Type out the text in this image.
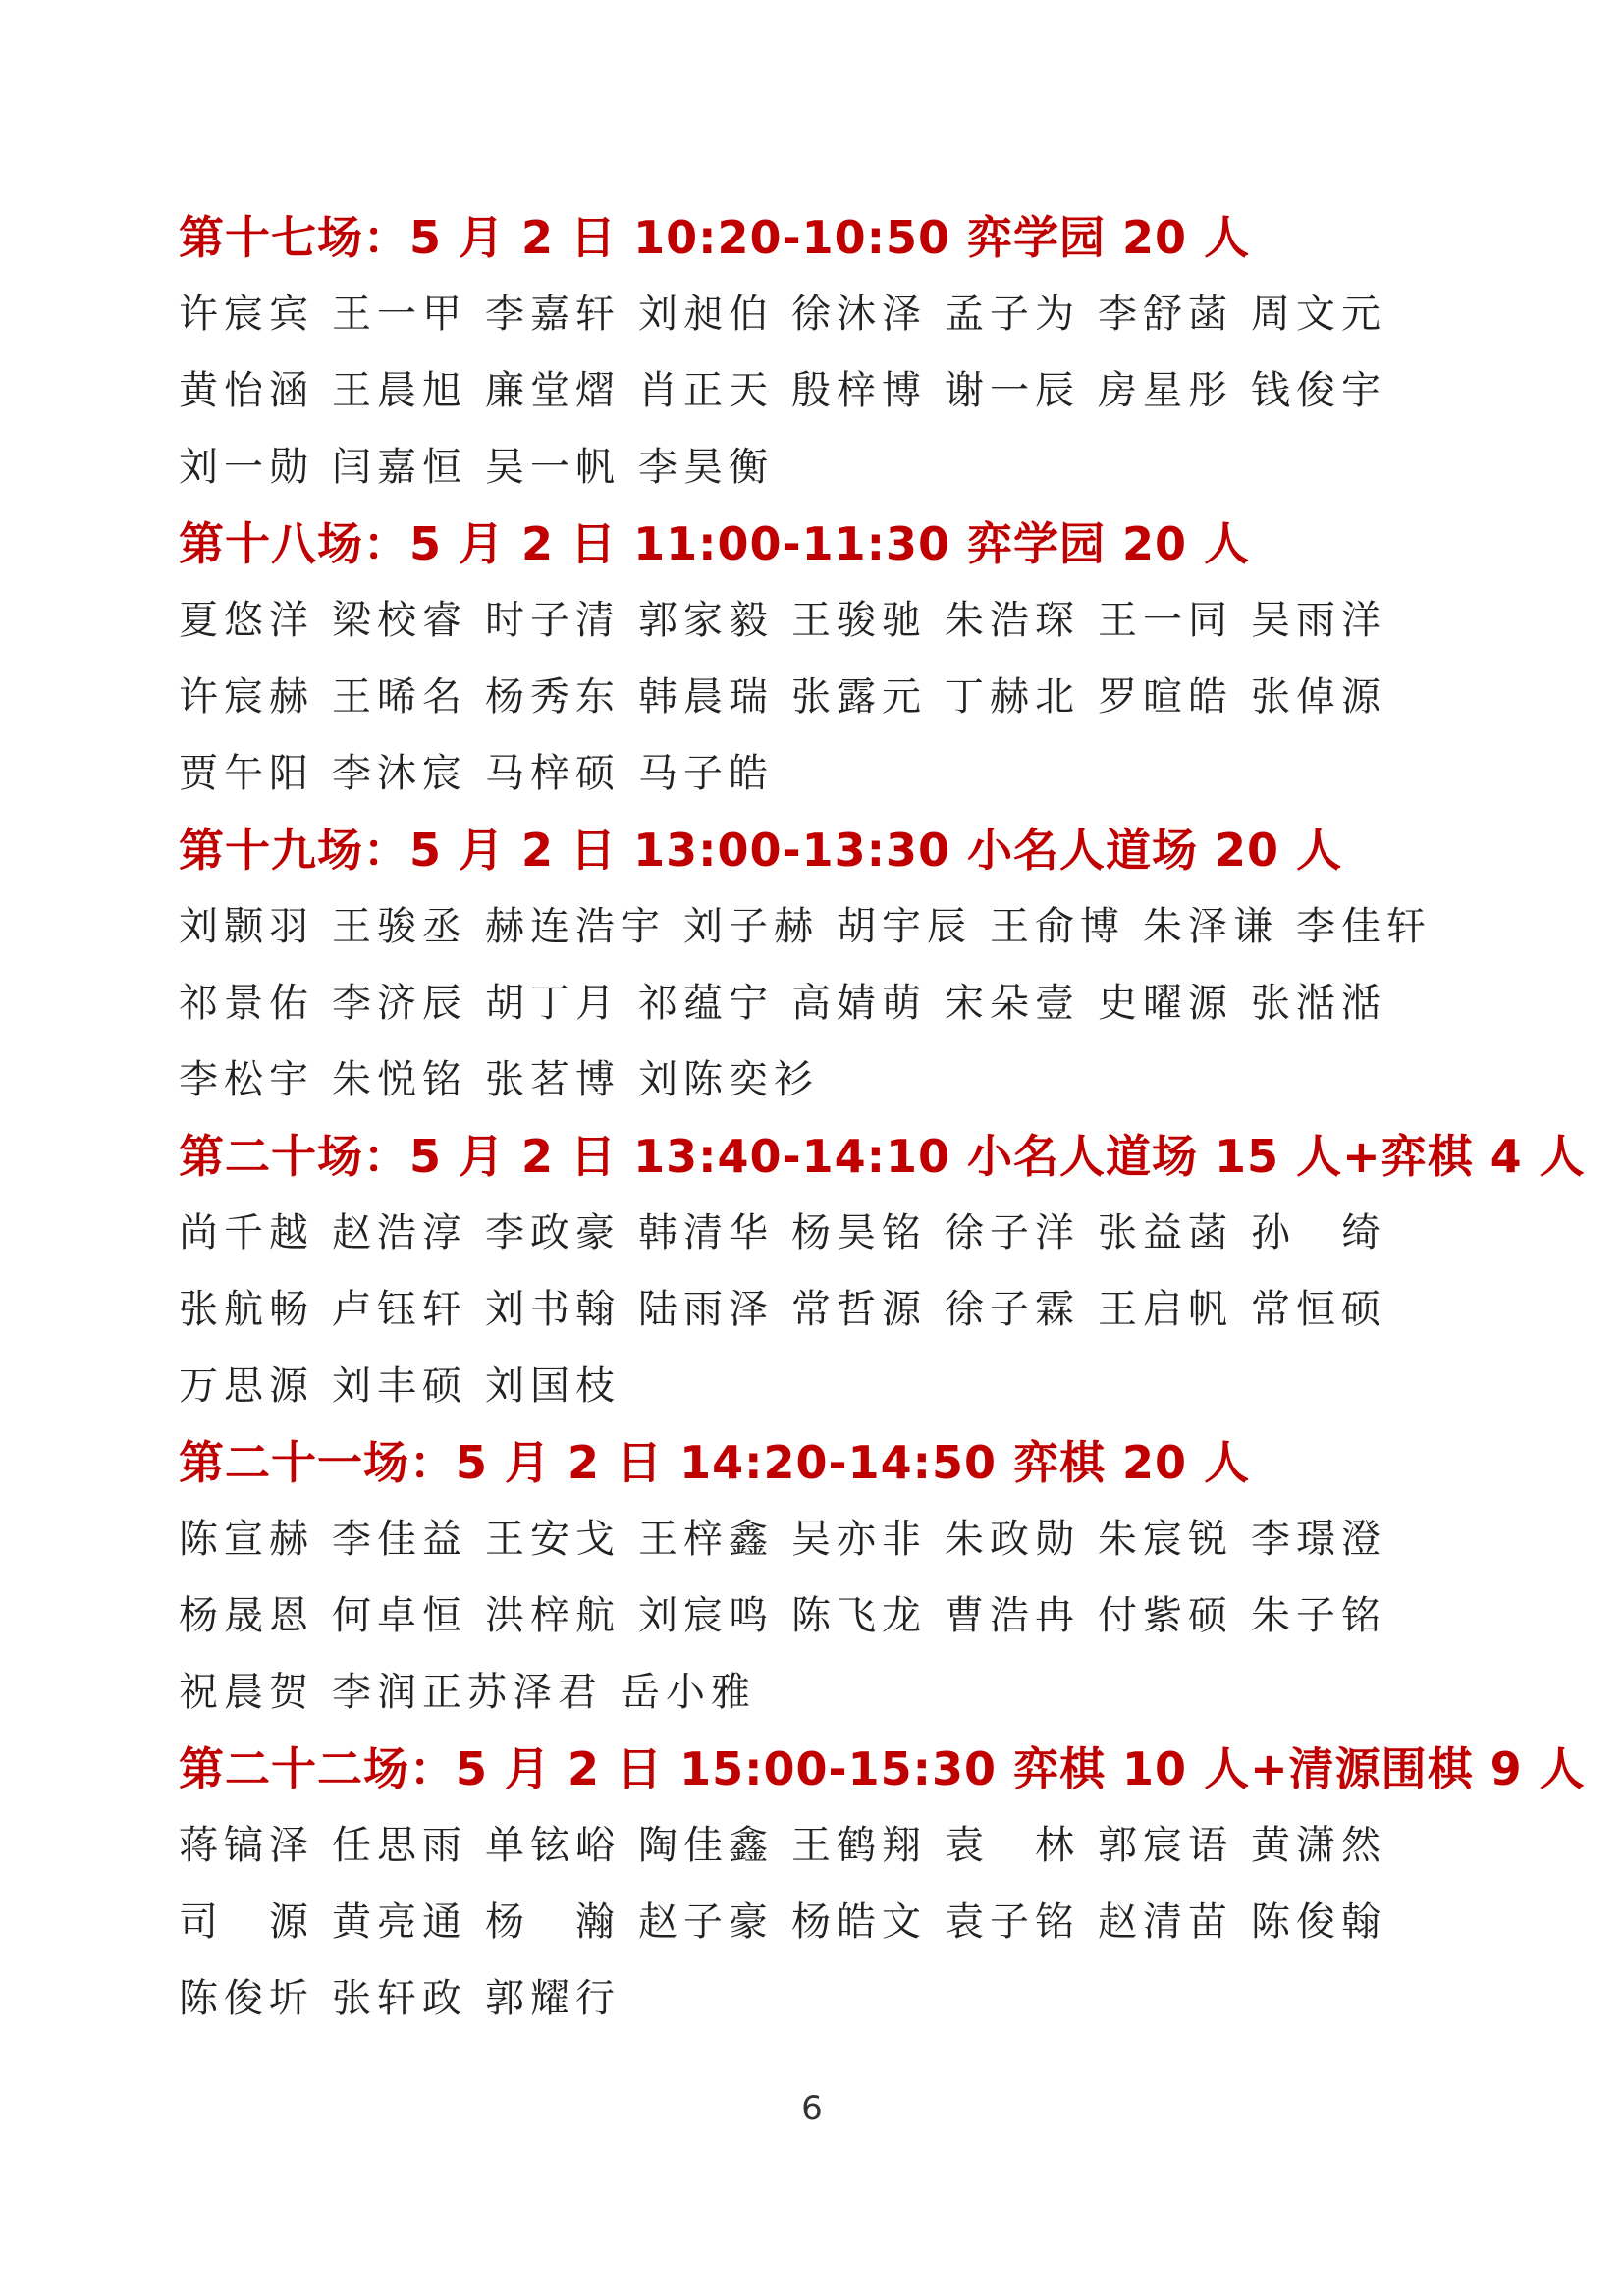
第十七场：5 月 2 日 10:20-10:50 弈学园 20 人
许宸宾 王一甲 李嘉轩 刘昶伯 徐沐泽 孟子为 李舒菡 周文元
黄怡涵 王晨旭 廉堂熠 肖正天 殷梓博 谢一辰 房星彤 钱俊宇
刘一勋 闫嘉恒 吴一帆 李昊衡
第十八场：5 月 2 日 11:00-11:30 弈学园 20 人
夏悠洋 梁校睿 时子清 郭家毅 王骏驰 朱浩琛 王一同 吴雨洋
许宸赫 王晞名 杨秀东 韩晨瑞 张露元 丁赫北 罗暄皓 张倬源
贾午阳 李沐宸 马梓硕 马子皓
第十九场：5 月 2 日 13:00-13:30 小名人道场 20 人
刘颢羽 王骏丞 赫连浩宇 刘子赫 胡宇辰 王俞博 朱泽谦 李佳轩
祁景佑 李济辰 胡丁月 祁蕴宁 高婧萌 宋朵壹 史曜源 张湉湉
李松宇 朱悦铭 张茗博 刘陈奕衫
第二十场：5 月 2 日 13:40-14:10 小名人道场 15 人+弈棋 4 人
尚千越 赵浩淳 李政豪 韩清华 杨昊铭 徐子洋 张益菡 孙　绮
张航畅 卢钰轩 刘书翰 陆雨泽 常哲源 徐子霖 王启帆 常恒硕
万思源 刘丰硕 刘国枝
第二十一场：5 月 2 日 14:20-14:50 弈棋 20 人
陈宣赫 李佳益 王安戈 王梓鑫 吴亦非 朱政勋 朱宸锐 李璟澄
杨晟恩 何卓恒 洪梓航 刘宸鸣 陈飞龙 曹浩冉 付紫硕 朱子铭
祝晨贺 李润正苏泽君 岳小雅
第二十二场：5 月 2 日 15:00-15:30 弈棋 10 人+清源围棋 9 人
蒋镐泽 任思雨 单铉峪 陶佳鑫 王鹤翔 袁　林 郭宸语 黄潇然
司　源 黄亮通 杨　瀚 赵子豪 杨皓文 袁子铭 赵清苗 陈俊翰
陈俊圻 张轩政 郭耀行
6
